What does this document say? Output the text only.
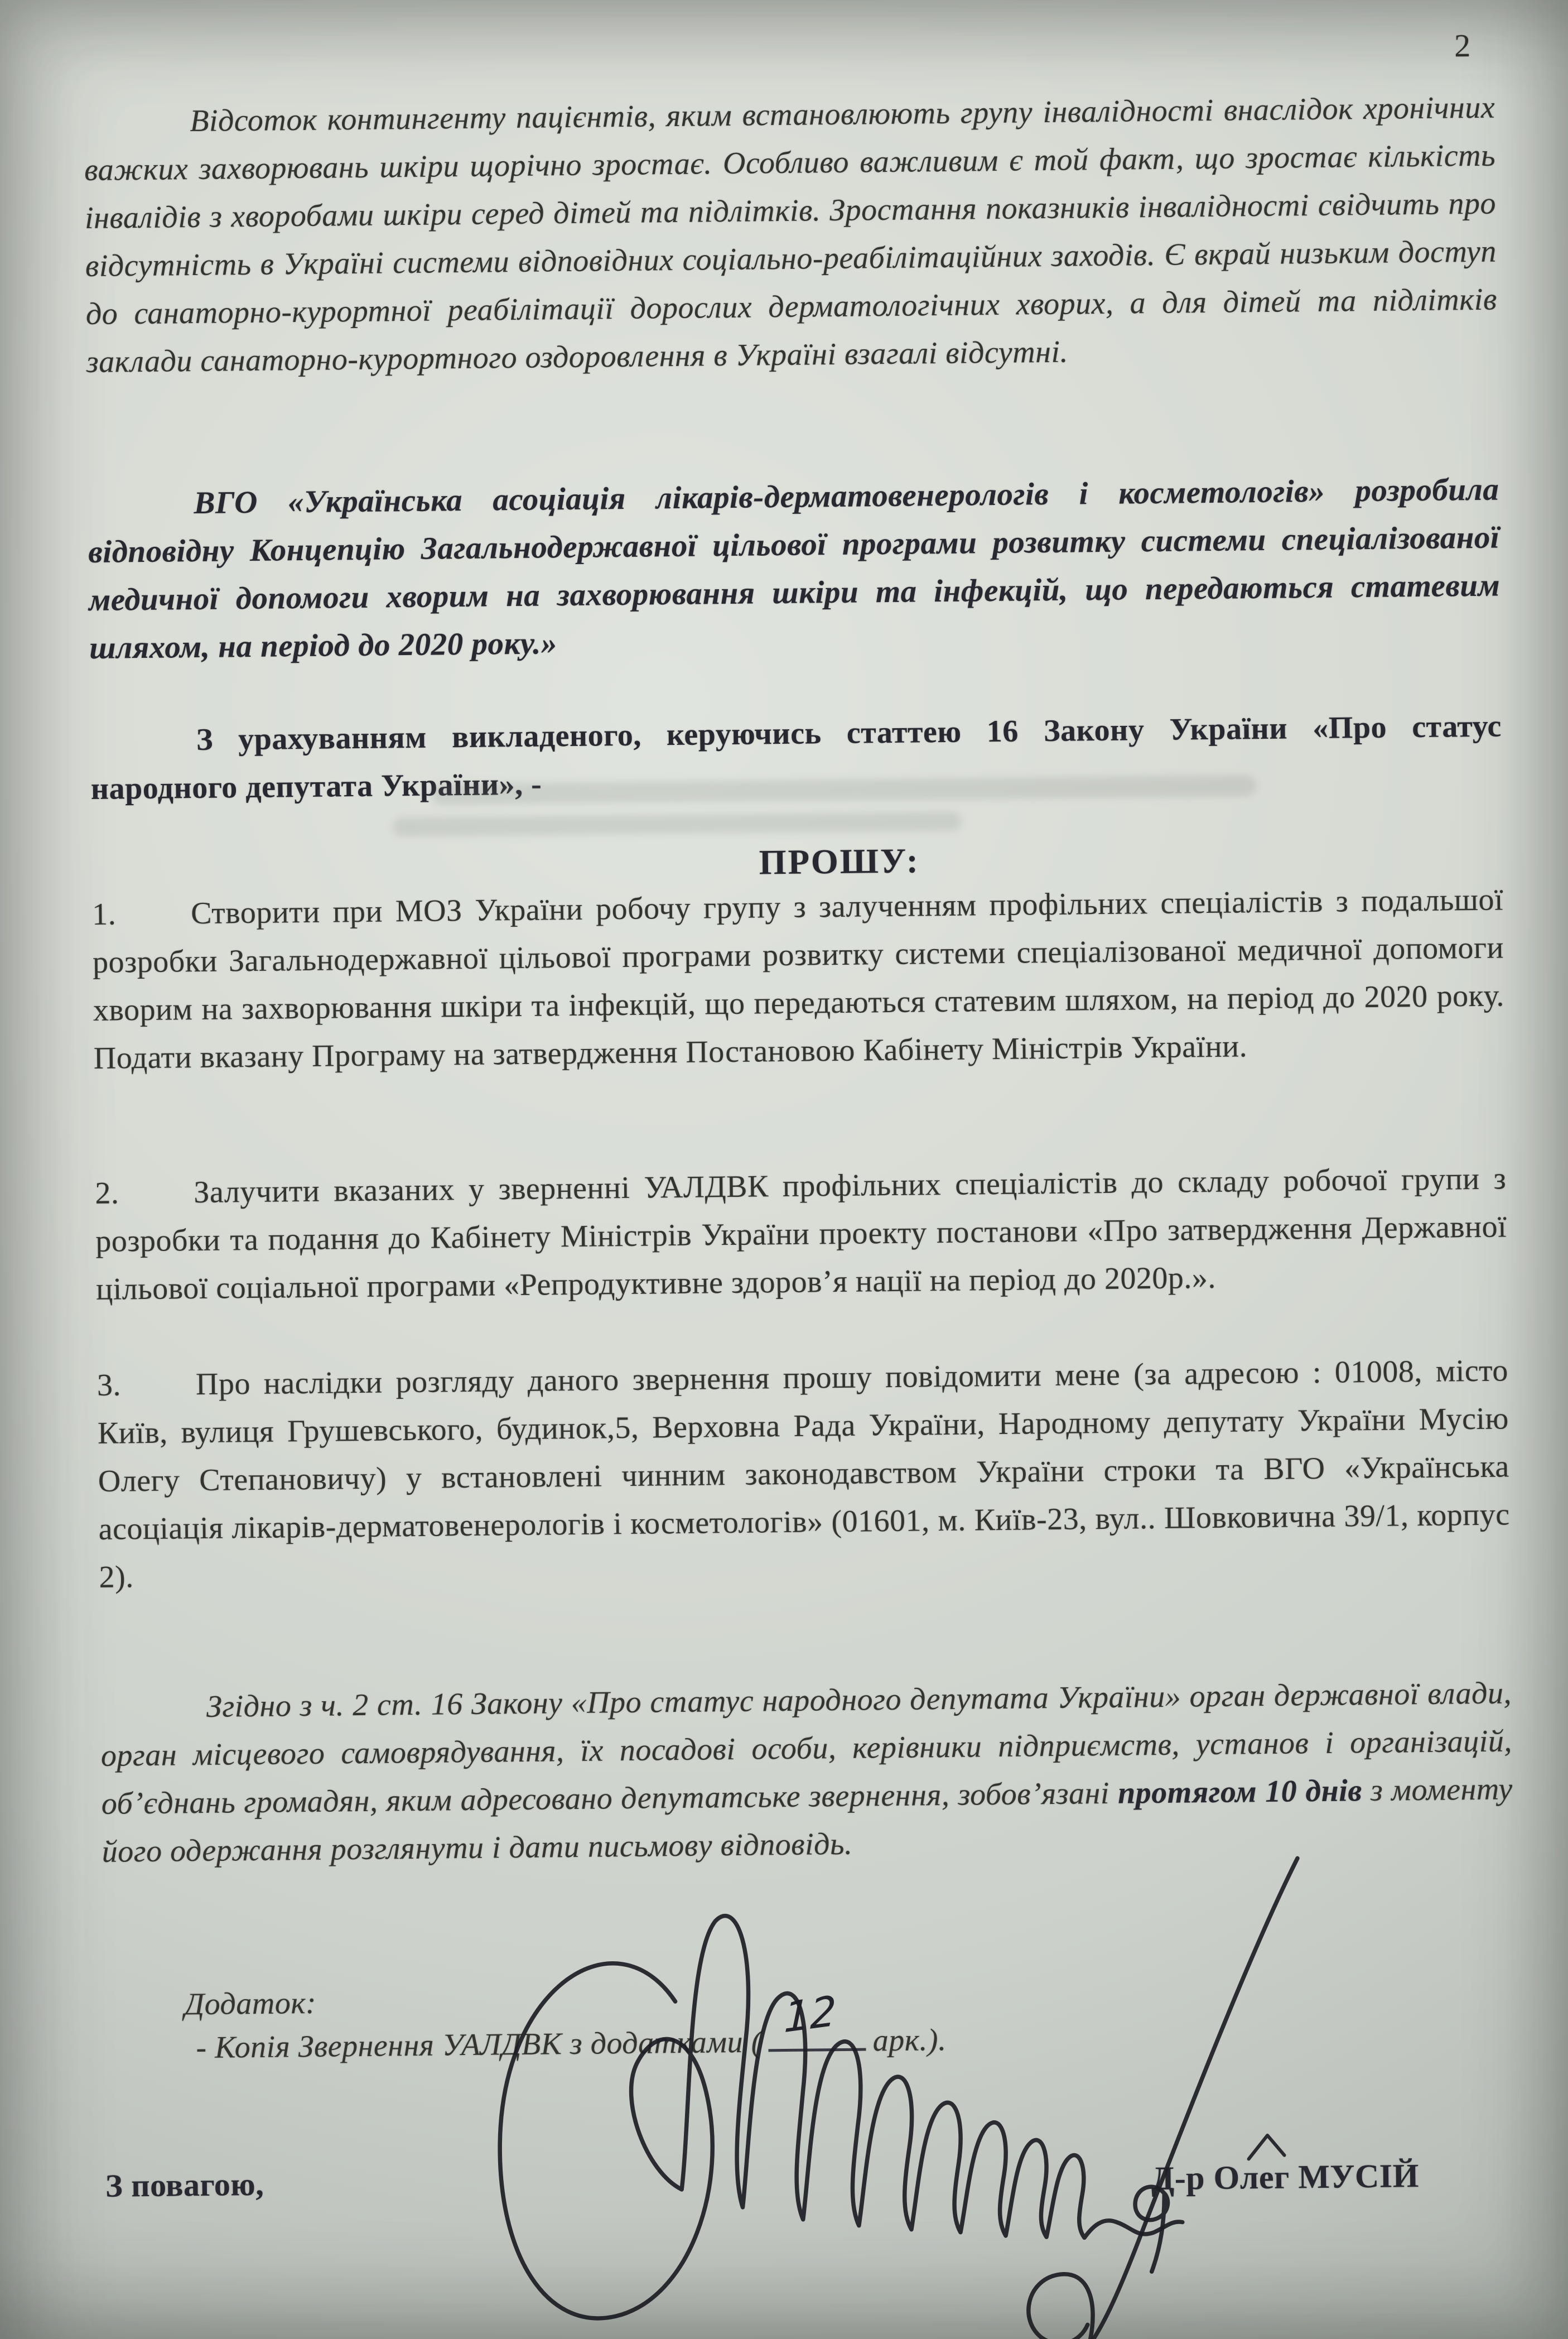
2
Відсоток контингенту пацієнтів, яким встановлюють групу інвалідності внаслідок хронічних важких захворювань шкіри щорічно зростає. Особливо важливим є той факт, що зростає кількість інвалідів з хворобами шкіри серед дітей та підлітків. Зростання показників інвалідності свідчить про відсутність в Україні системи відповідних соціально-реабілітаційних заходів. Є вкрай низьким доступ до санаторно-курортної реабілітації дорослих дерматологічних хворих, а для дітей та підлітків заклади санаторно-курортного оздоровлення в Україні взагалі відсутні.
ВГО «Українська асоціація лікарів-дерматовенерологів і косметологів» розробила відповідну Концепцію Загальнодержавної цільової програми розвитку системи спеціалізованої медичної допомоги хворим на захворювання шкіри та інфекцій, що передаються статевим шляхом, на період до 2020 року.»
З урахуванням викладеного, керуючись статтею 16 Закону України «Про статус народного депутата України», -
ПРОШУ:
1. Створити при МОЗ України робочу групу з залученням профільних спеціалістів з подальшої розробки Загальнодержавної цільової програми розвитку системи спеціалізованої медичної допомоги хворим на захворювання шкіри та інфекцій, що передаються статевим шляхом, на період до 2020 року. Подати вказану Програму на затвердження Постановою Кабінету Міністрів України.
2. Залучити вказаних у зверненні УАЛДВК профільних спеціалістів до складу робочої групи з розробки та подання до Кабінету Міністрів України проекту постанови «Про затвердження Державної цільової соціальної програми «Репродуктивне здоров’я нації на період до 2020р.».
3. Про наслідки розгляду даного звернення прошу повідомити мене (за адресою : 01008, місто Київ, вулиця Грушевського, будинок,5, Верховна Рада України, Народному депутату України Мусію Олегу Степановичу) у встановлені чинним законодавством України строки та ВГО «Українська асоціація лікарів-дерматовенерологів і косметологів» (01601, м. Київ-23, вул.. Шовковична 39/1, корпус 2).
Згідно з ч. 2 ст. 16 Закону «Про статус народного депутата України» орган державної влади, орган місцевого самоврядування, їх посадові особи, керівники підприємств, установ і організацій, об’єднань громадян, яким адресовано депутатське звернення, зобов’язані протягом 10 днів з моменту його одержання розглянути і дати письмову відповідь.
Додаток:
- Копія Звернення УАЛДВК з додатками (
12 арк.).
З повагою,	Д-р Олег МУСІЙ
